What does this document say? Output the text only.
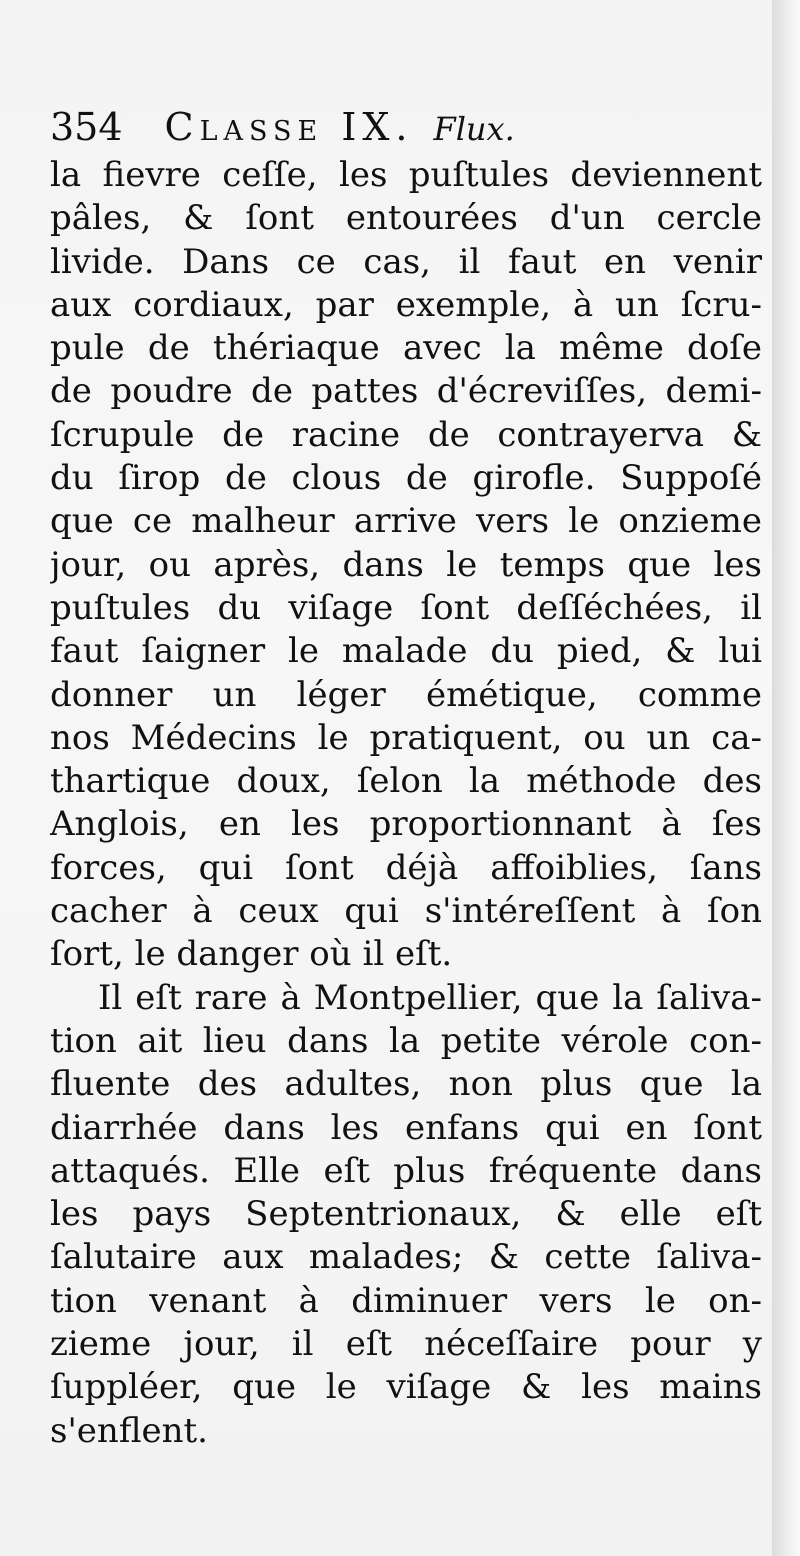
354 Classe IX. Flux.

la fievre ceſſe, les puſtules deviennent
pâles, & ſont entourées d'un cercle
livide. Dans ce cas, il faut en venir
aux cordiaux, par exemple, à un ſcru-
pule de thériaque avec la même doſe
de poudre de pattes d'écreviſſes, demi-
ſcrupule de racine de contrayerva &
du ſirop de clous de girofle. Suppoſé
que ce malheur arrive vers le onzieme
jour, ou après, dans le temps que les
puſtules du viſage ſont deſſéchées, il
faut ſaigner le malade du pied, & lui
donner un léger émétique, comme
nos Médecins le pratiquent, ou un ca-
thartique doux, ſelon la méthode des
Anglois, en les proportionnant à ſes
forces, qui ſont déjà affoiblies, ſans
cacher à ceux qui s'intéreſſent à ſon
ſort, le danger où il eſt.

Il eſt rare à Montpellier, que la ſaliva-
tion ait lieu dans la petite vérole con-
fluente des adultes, non plus que la
diarrhée dans les enfans qui en ſont
attaqués. Elle eſt plus fréquente dans
les pays Septentrionaux, & elle eſt
ſalutaire aux malades; & cette ſaliva-
tion venant à diminuer vers le on-
zieme jour, il eſt néceſſaire pour y
ſuppléer, que le viſage & les mains
s'enflent.
